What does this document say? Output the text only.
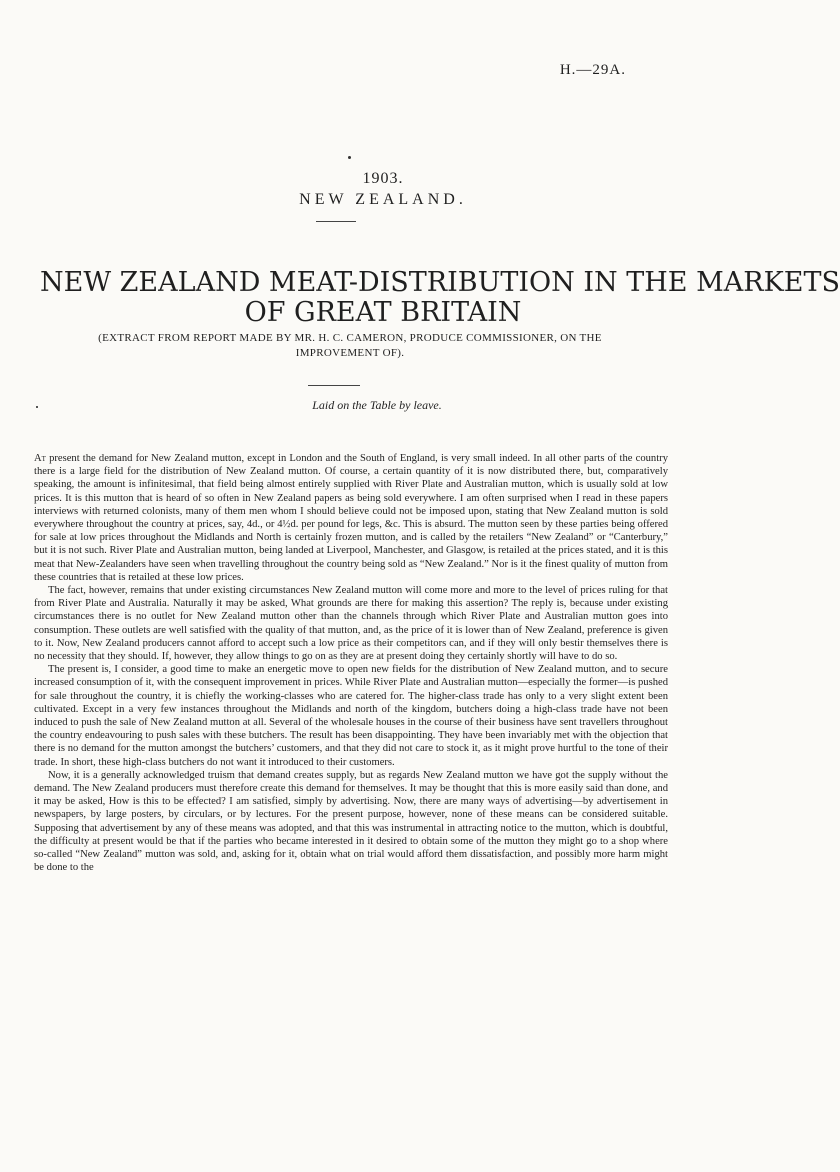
H.—29A.
1903.
NEW ZEALAND.
NEW ZEALAND MEAT-DISTRIBUTION IN THE MARKETS
OF GREAT BRITAIN
(EXTRACT FROM REPORT MADE BY MR. H. C. CAMERON, PRODUCE COMMISSIONER, ON THE IMPROVEMENT OF).
Laid on the Table by leave.

At present the demand for New Zealand mutton, except in London and the South of England, is very small indeed. In all other parts of the country there is a large field for the distribution of New Zealand mutton. Of course, a certain quantity of it is now distributed there, but, comparatively speaking, the amount is infinitesimal, that field being almost entirely supplied with River Plate and Australian mutton, which is usually sold at low prices. It is this mutton that is heard of so often in New Zealand papers as being sold everywhere. I am often surprised when I read in these papers interviews with returned colonists, many of them men whom I should believe could not be imposed upon, stating that New Zealand mutton is sold everywhere throughout the country at prices, say, 4d., or 4½d. per pound for legs, &c. This is absurd. The mutton seen by these parties being offered for sale at low prices throughout the Midlands and North is certainly frozen mutton, and is called by the retailers “New Zealand” or “Canterbury,” but it is not such. River Plate and Australian mutton, being landed at Liverpool, Manchester, and Glasgow, is retailed at the prices stated, and it is this meat that New-Zealanders have seen when travelling throughout the country being sold as “New Zealand.” Nor is it the finest quality of mutton from these countries that is retailed at these low prices.

The fact, however, remains that under existing circumstances New Zealand mutton will come more and more to the level of prices ruling for that from River Plate and Australia. Naturally it may be asked, What grounds are there for making this assertion? The reply is, because under existing circumstances there is no outlet for New Zealand mutton other than the channels through which River Plate and Australian mutton goes into consumption. These outlets are well satisfied with the quality of that mutton, and, as the price of it is lower than of New Zealand, preference is given to it. Now, New Zealand producers cannot afford to accept such a low price as their competitors can, and if they will only bestir themselves there is no necessity that they should. If, however, they allow things to go on as they are at present doing they certainly shortly will have to do so.

The present is, I consider, a good time to make an energetic move to open new fields for the distribution of New Zealand mutton, and to secure increased consumption of it, with the consequent improvement in prices. While River Plate and Australian mutton—especially the former—is pushed for sale throughout the country, it is chiefly the working-classes who are catered for. The higher-class trade has only to a very slight extent been cultivated. Except in a very few instances throughout the Midlands and north of the kingdom, butchers doing a high-class trade have not been induced to push the sale of New Zealand mutton at all. Several of the wholesale houses in the course of their business have sent travellers throughout the country endeavouring to push sales with these butchers. The result has been disappointing. They have been invariably met with the objection that there is no demand for the mutton amongst the butchers’ customers, and that they did not care to stock it, as it might prove hurtful to the tone of their trade. In short, these high-class butchers do not want it introduced to their customers.

Now, it is a generally acknowledged truism that demand creates supply, but as regards New Zealand mutton we have got the supply without the demand. The New Zealand producers must therefore create this demand for themselves. It may be thought that this is more easily said than done, and it may be asked, How is this to be effected? I am satisfied, simply by advertising. Now, there are many ways of advertising—by advertisement in newspapers, by large posters, by circulars, or by lectures. For the present purpose, however, none of these means can be considered suitable. Supposing that advertisement by any of these means was adopted, and that this was instrumental in attracting notice to the mutton, which is doubtful, the difficulty at present would be that if the parties who became interested in it desired to obtain some of the mutton they might go to a shop where so-called “New Zealand” mutton was sold, and, asking for it, obtain what on trial would afford them dissatisfaction, and possibly more harm might be done to the
